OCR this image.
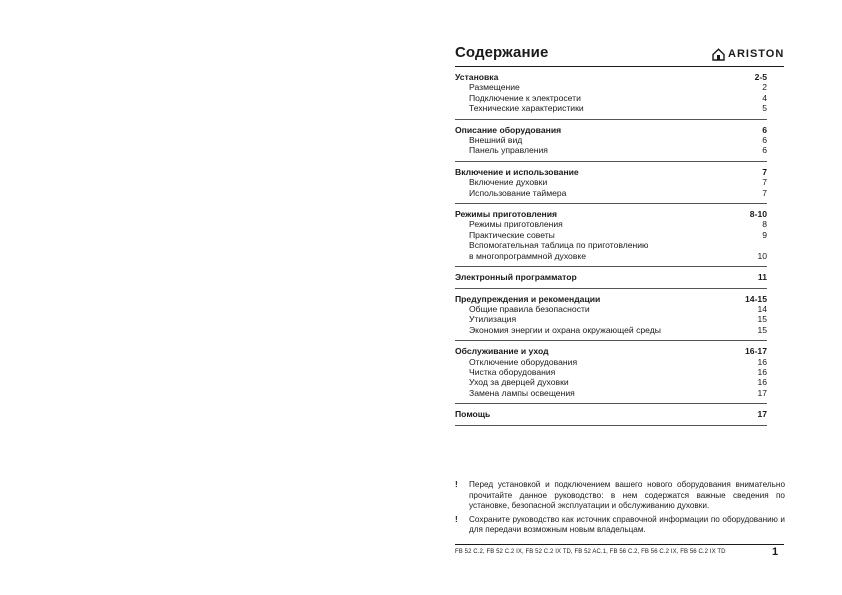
Содержание	ARISTON
Установка	2-5
Размещение	2
Подключение к электросети	4
Технические характеристики	5
Описание оборудования	6
Внешний вид	6
Панель управления	6
Включение и использование	7
Включение духовки	7
Использование таймера	7
Режимы приготовления	8-10
Режимы приготовления	8
Практические советы	9
Вспомогательная таблица по приготовлению
в многопрограммной духовке	10
Электронный программатор	11
Предупреждения и рекомендации	14-15
Общие правила безопасности	14
Утилизация	15
Экономия энергии и охрана окружающей среды	15
Обслуживание и уход	16-17
Отключение оборудования	16
Чистка оборудования	16
Уход за дверцей духовки	16
Замена лампы освещения	17
Помощь	17
!	Перед установкой и подключением вашего нового оборудования внимательно прочитайте данное руководство: в нем содержатся важные сведения по установке, безопасной эксплуатации и обслуживанию духовки.
!	Сохраните руководство как источник справочной информации по оборудованию и для передачи возможным новым владельцам.
FB 52 C.2, FB 52 C.2 IX, FB 52 C.2 IX TD, FB 52 AC.1, FB 56 C.2, FB 56 C.2 IX, FB 56 C.2 IX TD	1
